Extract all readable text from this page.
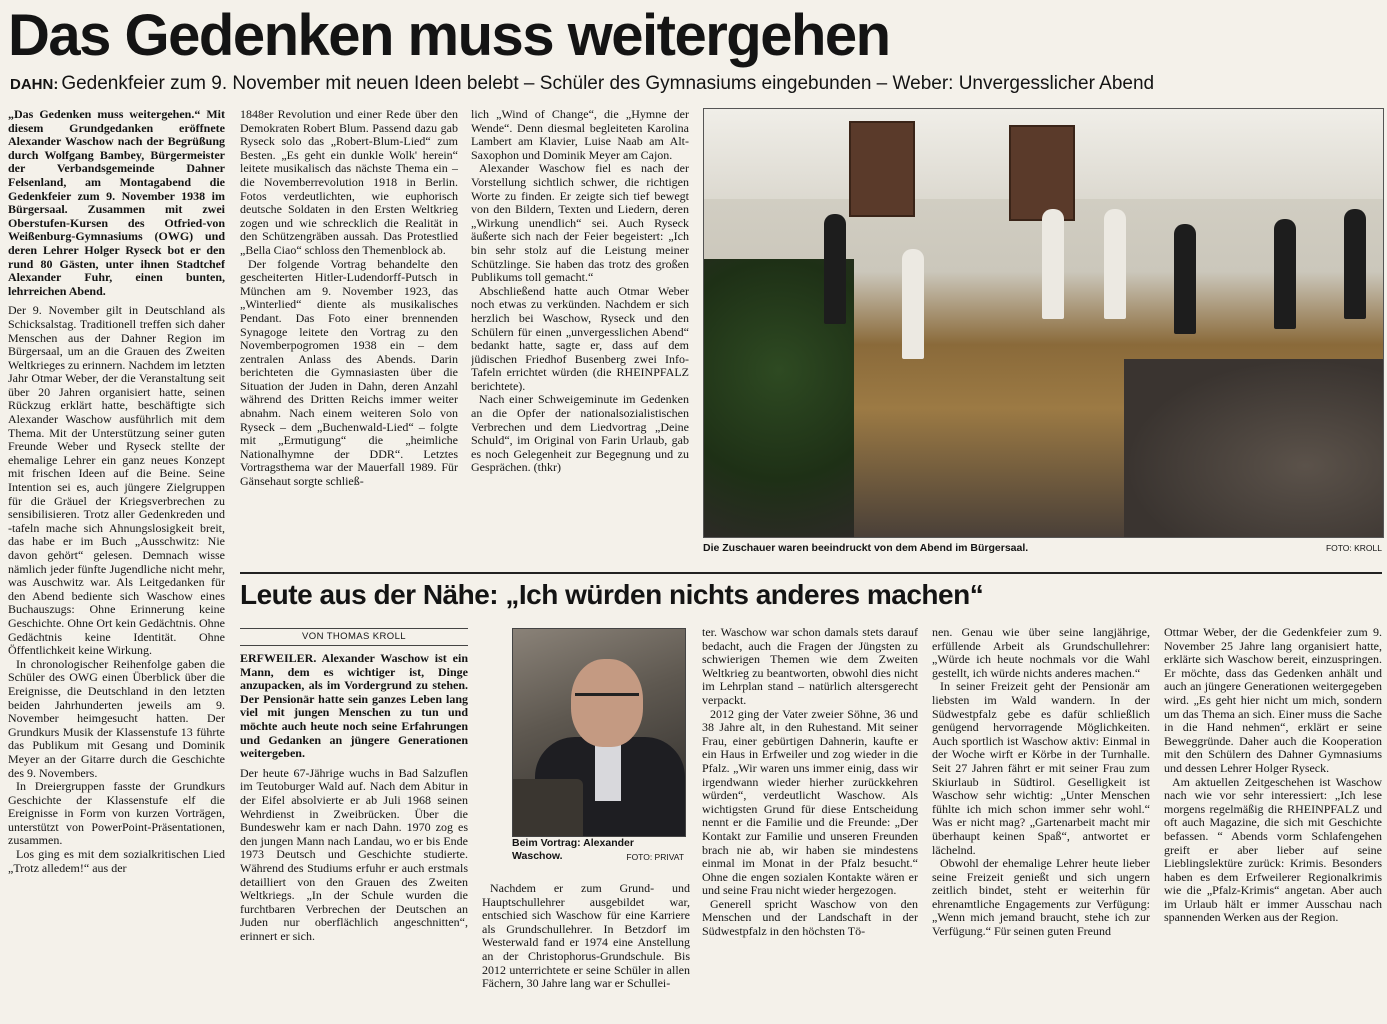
Das Gedenken muss weitergehen
DAHN: Gedenkfeier zum 9. November mit neuen Ideen belebt – Schüler des Gymnasiums eingebunden – Weber: Unvergesslicher Abend

„Das Gedenken muss weitergehen.“ Mit diesem Grundgedanken eröffnete Alexander Waschow nach der Begrüßung durch Wolfgang Bambey, Bürgermeister der Verbandsgemeinde Dahner Felsenland, am Montagabend die Gedenkfeier zum 9. November 1938 im Bürgersaal. Zusammen mit zwei Oberstufen-Kursen des Otfried-von Weißenburg-Gymnasiums (OWG) und deren Lehrer Holger Ryseck bot er den rund 80 Gästen, unter ihnen Stadtchef Alexander Fuhr, einen bunten, lehrreichen Abend.

Der 9. November gilt in Deutschland als Schicksalstag. Traditionell treffen sich daher Menschen aus der Dahner Region im Bürgersaal, um an die Grauen des Zweiten Weltkrieges zu erinnern. Nachdem im letzten Jahr Otmar Weber, der die Veranstaltung seit über 20 Jahren organisiert hatte, seinen Rückzug erklärt hatte, beschäftigte sich Alexander Waschow ausführlich mit dem Thema. Mit der Unterstützung seiner guten Freunde Weber und Ryseck stellte der ehemalige Lehrer ein ganz neues Konzept mit frischen Ideen auf die Beine. Seine Intention sei es, auch jüngere Zielgruppen für die Gräuel der Kriegsverbrechen zu sensibilisieren. Trotz aller Gedenkreden und -tafeln mache sich Ahnungslosigkeit breit, das habe er im Buch „Ausschwitz: Nie davon gehört“ gelesen. Demnach wisse nämlich jeder fünfte Jugendliche nicht mehr, was Auschwitz war. Als Leitgedanken für den Abend bediente sich Waschow eines Buchauszugs: Ohne Erinnerung keine Geschichte. Ohne Ort kein Gedächtnis. Ohne Gedächtnis keine Identität. Ohne Öffentlichkeit keine Wirkung.

In chronologischer Reihenfolge gaben die Schüler des OWG einen Überblick über die Ereignisse, die Deutschland in den letzten beiden Jahrhunderten jeweils am 9. November heimgesucht hatten. Der Grundkurs Musik der Klassenstufe 13 führte das Publikum mit Gesang und Dominik Meyer an der Gitarre durch die Geschichte des 9. Novembers.

In Dreiergruppen fasste der Grundkurs Geschichte der Klassenstufe elf die Ereignisse in Form von kurzen Vorträgen, unterstützt von PowerPoint-Präsentationen, zusammen.

Los ging es mit dem sozialkritischen Lied „Trotz alledem!“ aus der

1848er Revolution und einer Rede über den Demokraten Robert Blum. Passend dazu gab Ryseck solo das „Robert-Blum-Lied“ zum Besten. „Es geht ein dunkle Wolk' herein“ leitete musikalisch das nächste Thema ein – die Novemberrevolution 1918 in Berlin. Fotos verdeutlichten, wie euphorisch deutsche Soldaten in den Ersten Weltkrieg zogen und wie schrecklich die Realität in den Schützengräben aussah. Das Protestlied „Bella Ciao“ schloss den Themenblock ab.

Der folgende Vortrag behandelte den gescheiterten Hitler-Ludendorff-Putsch in München am 9. November 1923, das „Winterlied“ diente als musikalisches Pendant. Das Foto einer brennenden Synagoge leitete den Vortrag zu den Novemberpogromen 1938 ein – dem zentralen Anlass des Abends. Darin berichteten die Gymnasiasten über die Situation der Juden in Dahn, deren Anzahl während des Dritten Reichs immer weiter abnahm. Nach einem weiteren Solo von Ryseck – dem „Buchenwald-Lied“ – folgte mit „Ermutigung“ die „heimliche Nationalhymne der DDR“. Letztes Vortragsthema war der Mauerfall 1989. Für Gänsehaut sorgte schließ-

lich „Wind of Change“, die „Hymne der Wende“. Denn diesmal begleiteten Karolina Lambert am Klavier, Luise Naab am Alt-Saxophon und Dominik Meyer am Cajon.

Alexander Waschow fiel es nach der Vorstellung sichtlich schwer, die richtigen Worte zu finden. Er zeigte sich tief bewegt von den Bildern, Texten und Liedern, deren „Wirkung unendlich“ sei. Auch Ryseck äußerte sich nach der Feier begeistert: „Ich bin sehr stolz auf die Leistung meiner Schützlinge. Sie haben das trotz des großen Publikums toll gemacht.“

Abschließend hatte auch Otmar Weber noch etwas zu verkünden. Nachdem er sich herzlich bei Waschow, Ryseck und den Schülern für einen „unvergesslichen Abend“ bedankt hatte, sagte er, dass auf dem jüdischen Friedhof Busenberg zwei Info-Tafeln errichtet würden (die RHEINPFALZ berichtete).

Nach einer Schweigeminute im Gedenken an die Opfer der nationalsozialistischen Verbrechen und dem Liedvortrag „Deine Schuld“, im Original von Farin Urlaub, gab es noch Gelegenheit zur Begegnung und zu Gesprächen. (thkr)

Die Zuschauer waren beeindruckt von dem Abend im Bürgersaal.	FOTO: KROLL
Leute aus der Nähe: „Ich würden nichts anderes machen“
VON THOMAS KROLL

ERFWEILER. Alexander Waschow ist ein Mann, dem es wichtiger ist, Dinge anzupacken, als im Vordergrund zu stehen. Der Pensionär hatte sein ganzes Leben lang viel mit jungen Menschen zu tun und möchte auch heute noch seine Erfahrungen und Gedanken an jüngere Generationen weitergeben.

Der heute 67-Jährige wuchs in Bad Salzuflen im Teutoburger Wald auf. Nach dem Abitur in der Eifel absolvierte er ab Juli 1968 seinen Wehrdienst in Zweibrücken. Über die Bundeswehr kam er nach Dahn. 1970 zog es den jungen Mann nach Landau, wo er bis Ende 1973 Deutsch und Geschichte studierte. Während des Studiums erfuhr er auch erstmals detailliert von den Grauen des Zweiten Weltkriegs. „In der Schule wurden die furchtbaren Verbrechen der Deutschen an Juden nur oberflächlich angeschnitten“, erinnert er sich.

Beim Vortrag: Alexander Waschow.	FOTO: PRIVAT

Nachdem er zum Grund- und Hauptschullehrer ausgebildet war, entschied sich Waschow für eine Karriere als Grundschullehrer. In Betzdorf im Westerwald fand er 1974 eine Anstellung an der Christophorus-Grundschule. Bis 2012 unterrichtete er seine Schüler in allen Fächern, 30 Jahre lang war er Schullei-

ter. Waschow war schon damals stets darauf bedacht, auch die Fragen der Jüngsten zu schwierigen Themen wie dem Zweiten Weltkrieg zu beantworten, obwohl dies nicht im Lehrplan stand – natürlich altersgerecht verpackt.

2012 ging der Vater zweier Söhne, 36 und 38 Jahre alt, in den Ruhestand. Mit seiner Frau, einer gebürtigen Dahnerin, kaufte er ein Haus in Erfweiler und zog wieder in die Pfalz. „Wir waren uns immer einig, dass wir irgendwann wieder hierher zurückkehren würden“, verdeutlicht Waschow. Als wichtigsten Grund für diese Entscheidung nennt er die Familie und die Freunde: „Der Kontakt zur Familie und unseren Freunden brach nie ab, wir haben sie mindestens einmal im Monat in der Pfalz besucht.“ Ohne die engen sozialen Kontakte wären er und seine Frau nicht wieder hergezogen.

Generell spricht Waschow von den Menschen und der Landschaft in der Südwestpfalz in den höchsten Tö-

nen. Genau wie über seine langjährige, erfüllende Arbeit als Grundschullehrer: „Würde ich heute nochmals vor die Wahl gestellt, ich würde nichts anderes machen.“

In seiner Freizeit geht der Pensionär am liebsten im Wald wandern. In der Südwestpfalz gebe es dafür schließlich genügend hervorragende Möglichkeiten. Auch sportlich ist Waschow aktiv: Einmal in der Woche wirft er Körbe in der Turnhalle. Seit 27 Jahren fährt er mit seiner Frau zum Skiurlaub in Südtirol. Geselligkeit ist Waschow sehr wichtig: „Unter Menschen fühlte ich mich schon immer sehr wohl.“ Was er nicht mag? „Gartenarbeit macht mir überhaupt keinen Spaß“, antwortet er lächelnd.

Obwohl der ehemalige Lehrer heute lieber seine Freizeit genießt und sich ungern zeitlich bindet, steht er weiterhin für ehrenamtliche Engagements zur Verfügung: „Wenn mich jemand braucht, stehe ich zur Verfügung.“ Für seinen guten Freund

Ottmar Weber, der die Gedenkfeier zum 9. November 25 Jahre lang organisiert hatte, erklärte sich Waschow bereit, einzuspringen. Er möchte, dass das Gedenken anhält und auch an jüngere Generationen weitergegeben wird. „Es geht hier nicht um mich, sondern um das Thema an sich. Einer muss die Sache in die Hand nehmen“, erklärt er seine Beweggründe. Daher auch die Kooperation mit den Schülern des Dahner Gymnasiums und dessen Lehrer Holger Ryseck.

Am aktuellen Zeitgeschehen ist Waschow nach wie vor sehr interessiert: „Ich lese morgens regelmäßig die RHEINPFALZ und oft auch Magazine, die sich mit Geschichte befassen. “ Abends vorm Schlafengehen greift er aber lieber auf seine Lieblingslektüre zurück: Krimis. Besonders haben es dem Erfweilerer Regionalkrimis wie die „Pfalz-Krimis“ angetan. Aber auch im Urlaub hält er immer Ausschau nach spannenden Werken aus der Region.
